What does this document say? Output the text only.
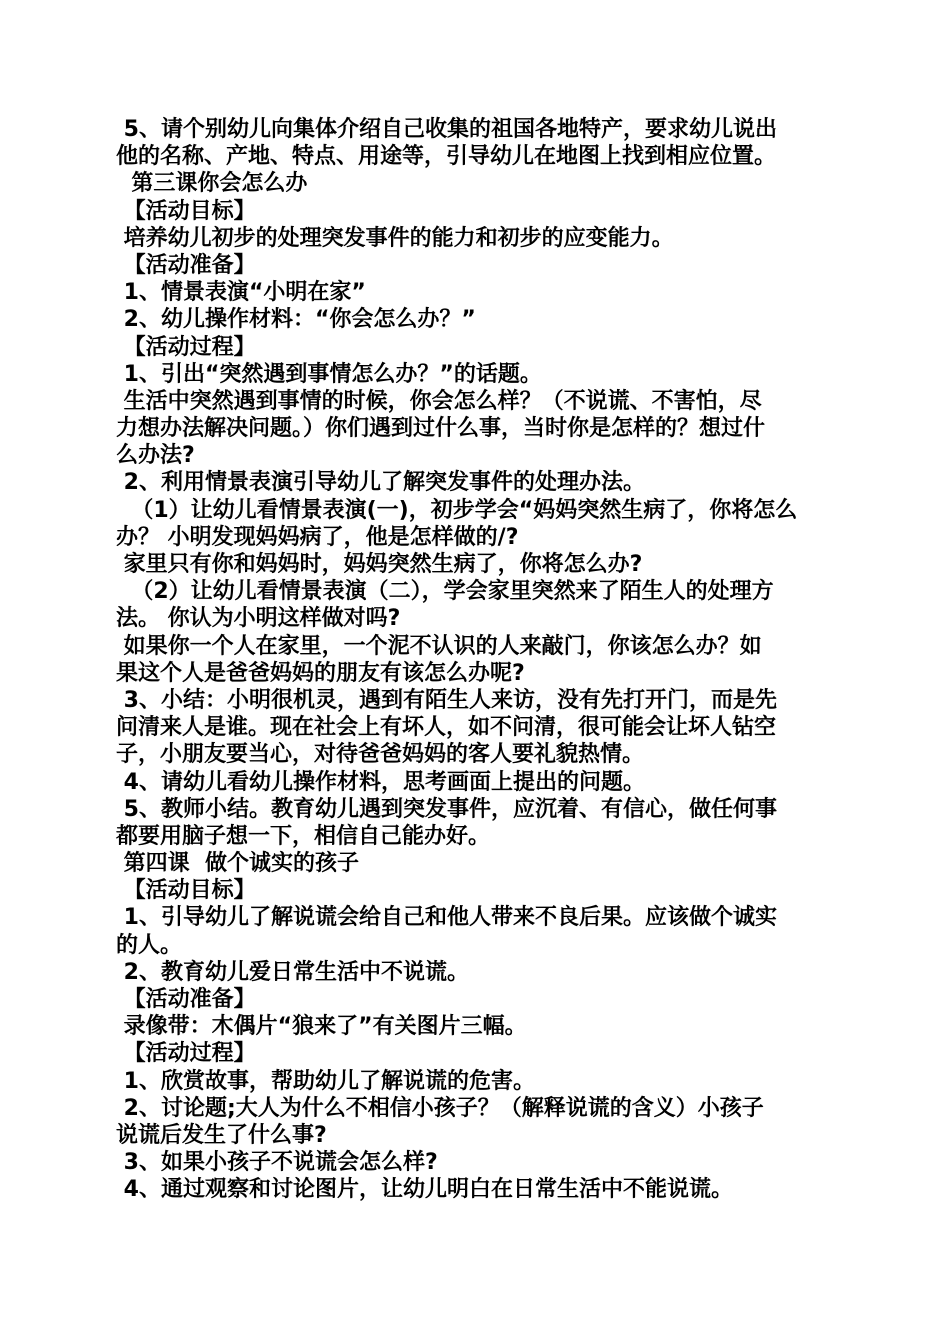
5、请个别幼儿向集体介绍自己收集的祖国各地特产，要求幼儿说出
他的名称、产地、特点、用途等，引导幼儿在地图上找到相应位置。
第三课你会怎么办
【活动目标】
培养幼儿初步的处理突发事件的能力和初步的应变能力。
【活动准备】
1、情景表演“小明在家”
2、幼儿操作材料：“你会怎么办？”
【活动过程】
1、引出“突然遇到事情怎么办？”的话题。
生活中突然遇到事情的时候，你会怎么样？（不说谎、不害怕，尽
力想办法解决问题。）你们遇到过什么事，当时你是怎样的？想过什
么办法?
2、利用情景表演引导幼儿了解突发事件的处理办法。
（1）让幼儿看情景表演(一)，初步学会“妈妈突然生病了，你将怎么
办？ 小明发现妈妈病了，他是怎样做的/?
家里只有你和妈妈时，妈妈突然生病了，你将怎么办?
（2）让幼儿看情景表演（二），学会家里突然来了陌生人的处理方
法。 你认为小明这样做对吗?
如果你一个人在家里，一个泥不认识的人来敲门，你该怎么办？如
果这个人是爸爸妈妈的朋友有该怎么办呢?
3、小结：小明很机灵，遇到有陌生人来访，没有先打开门，而是先
问清来人是谁。现在社会上有坏人，如不问清，很可能会让坏人钻空
子，小朋友要当心，对待爸爸妈妈的客人要礼貌热情。
4、请幼儿看幼儿操作材料，思考画面上提出的问题。
5、教师小结。教育幼儿遇到突发事件，应沉着、有信心，做任何事
都要用脑子想一下，相信自己能办好。
第四课  做个诚实的孩子
【活动目标】
1、引导幼儿了解说谎会给自己和他人带来不良后果。应该做个诚实
的人。
2、教育幼儿爱日常生活中不说谎。
【活动准备】
录像带：木偶片“狼来了”有关图片三幅。
【活动过程】
1、欣赏故事，帮助幼儿了解说谎的危害。
2、讨论题;大人为什么不相信小孩子？（解释说谎的含义）小孩子
说谎后发生了什么事?
3、如果小孩子不说谎会怎么样?
4、通过观察和讨论图片，让幼儿明白在日常生活中不能说谎。
